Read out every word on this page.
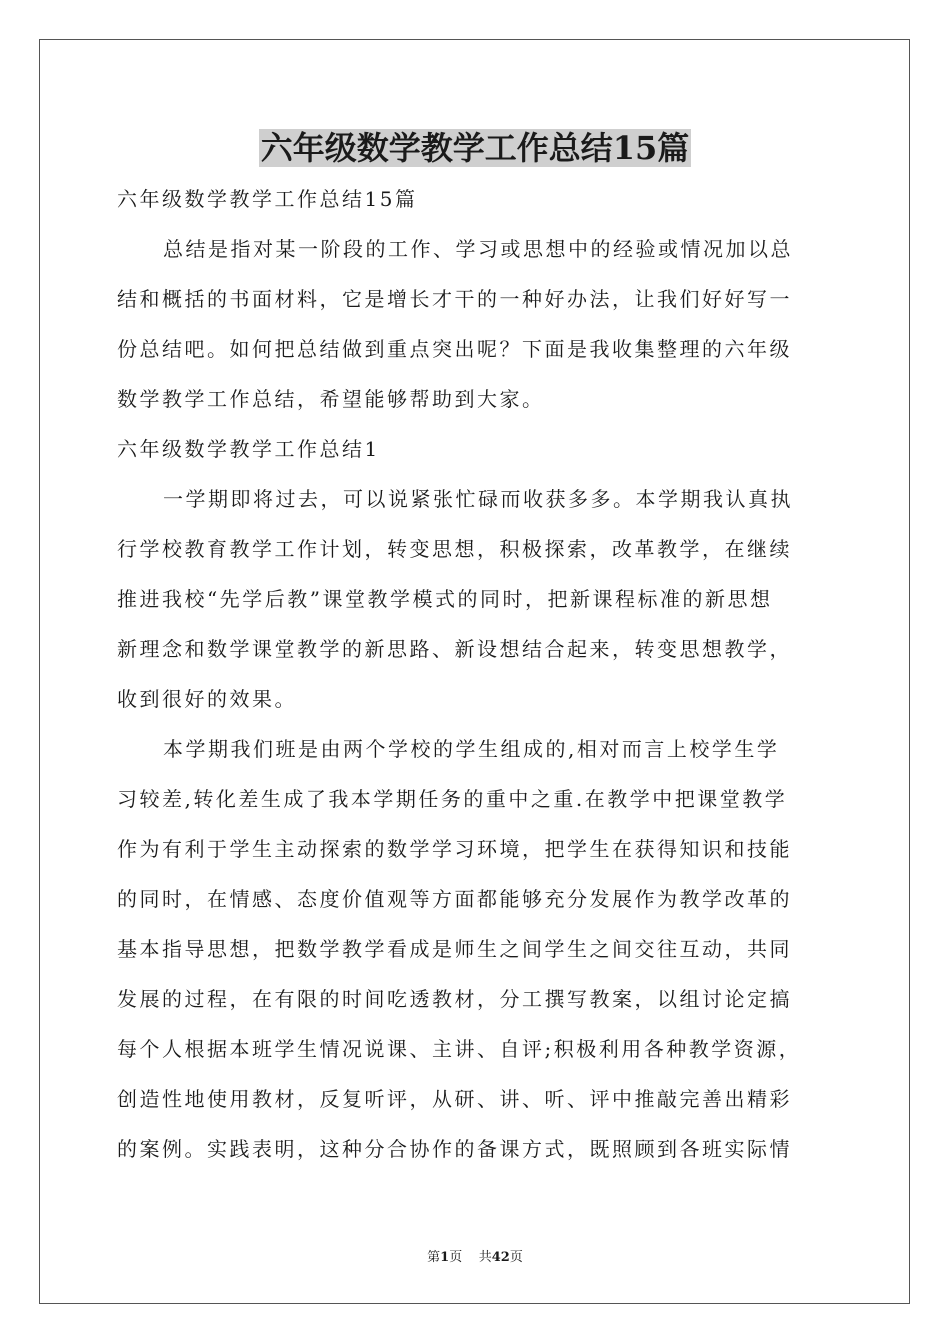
六年级数学教学工作总结15篇
六年级数学教学工作总结15篇
总结是指对某一阶段的工作、学习或思想中的经验或情况加以总
结和概括的书面材料，它是增长才干的一种好办法，让我们好好写一
份总结吧。如何把总结做到重点突出呢？下面是我收集整理的六年级
数学教学工作总结，希望能够帮助到大家。
六年级数学教学工作总结1
一学期即将过去，可以说紧张忙碌而收获多多。本学期我认真执
行学校教育教学工作计划，转变思想，积极探索，改革教学，在继续
推进我校“先学后教”课堂教学模式的同时，把新课程标准的新思想
新理念和数学课堂教学的新思路、新设想结合起来，转变思想教学，
收到很好的效果。
本学期我们班是由两个学校的学生组成的,相对而言上校学生学
习较差,转化差生成了我本学期任务的重中之重.在教学中把课堂教学
作为有利于学生主动探索的数学学习环境，把学生在获得知识和技能
的同时，在情感、态度价值观等方面都能够充分发展作为教学改革的
基本指导思想，把数学教学看成是师生之间学生之间交往互动，共同
发展的过程，在有限的时间吃透教材，分工撰写教案，以组讨论定搞
每个人根据本班学生情况说课、主讲、自评;积极利用各种教学资源，
创造性地使用教材，反复听评，从研、讲、听、评中推敲完善出精彩
的案例。实践表明，这种分合协作的备课方式，既照顾到各班实际情
第1页 共42页
